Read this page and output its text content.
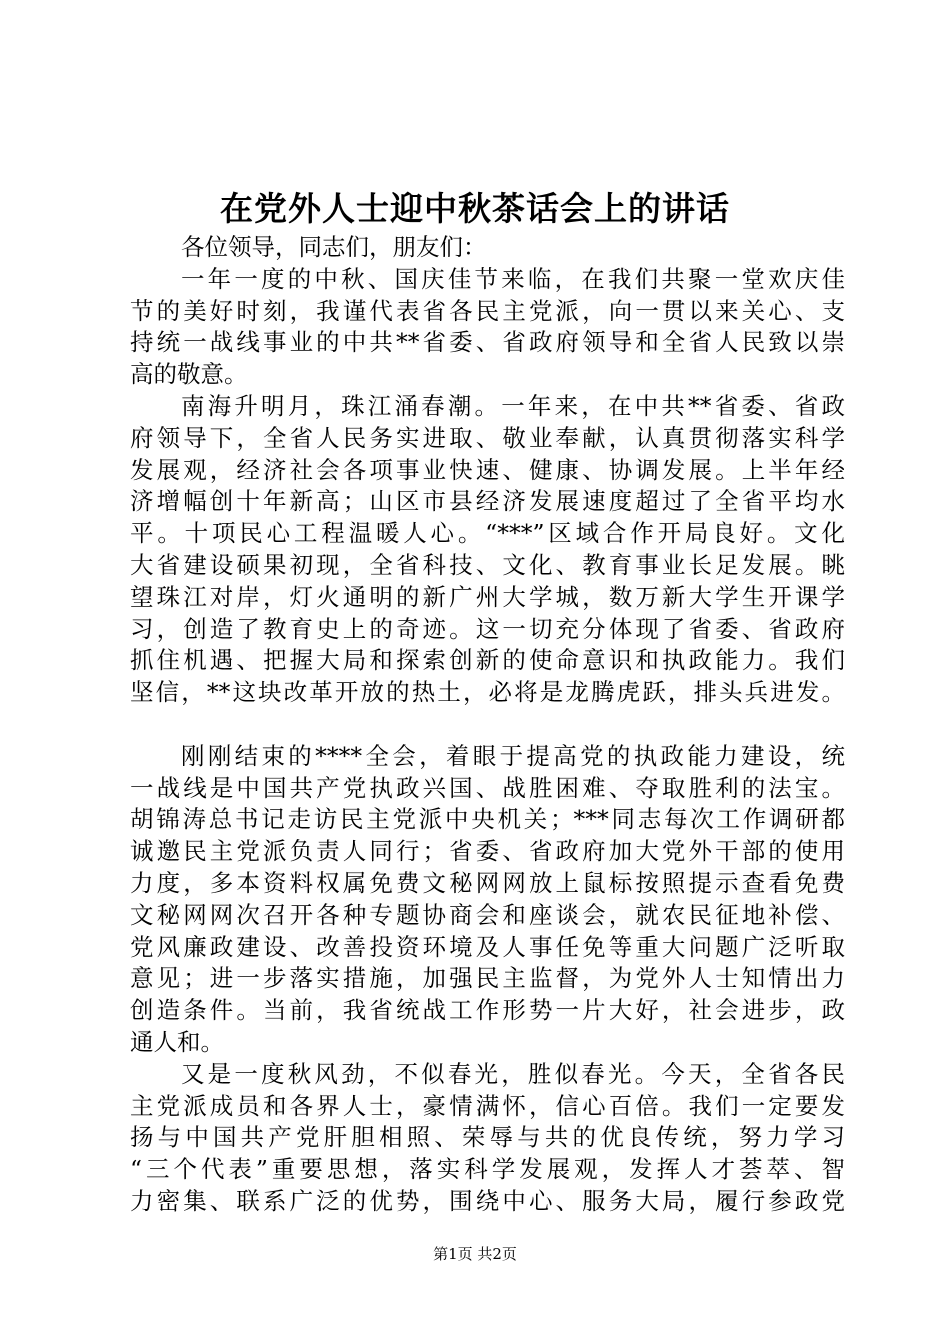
在党外人士迎中秋茶话会上的讲话
各位领导，同志们，朋友们：
一年一度的中秋、国庆佳节来临，在我们共聚一堂欢庆佳
节的美好时刻，我谨代表省各民主党派，向一贯以来关心、支
持统一战线事业的中共**省委、省政府领导和全省人民致以崇
高的敬意。
南海升明月，珠江涌春潮。一年来，在中共**省委、省政
府领导下，全省人民务实进取、敬业奉献，认真贯彻落实科学
发展观，经济社会各项事业快速、健康、协调发展。上半年经
济增幅创十年新高；山区市县经济发展速度超过了全省平均水
平。十项民心工程温暖人心。“***”区域合作开局良好。文化
大省建设硕果初现，全省科技、文化、教育事业长足发展。眺
望珠江对岸，灯火通明的新广州大学城，数万新大学生开课学
习，创造了教育史上的奇迹。这一切充分体现了省委、省政府
抓住机遇、把握大局和探索创新的使命意识和执政能力。我们
坚信，**这块改革开放的热土，必将是龙腾虎跃，排头兵进发。
刚刚结束的****全会，着眼于提高党的执政能力建设，统
一战线是中国共产党执政兴国、战胜困难、夺取胜利的法宝。
胡锦涛总书记走访民主党派中央机关；***同志每次工作调研都
诚邀民主党派负责人同行；省委、省政府加大党外干部的使用
力度，多本资料权属免费文秘网网放上鼠标按照提示查看免费
文秘网网次召开各种专题协商会和座谈会，就农民征地补偿、
党风廉政建设、改善投资环境及人事任免等重大问题广泛听取
意见；进一步落实措施，加强民主监督，为党外人士知情出力
创造条件。当前，我省统战工作形势一片大好，社会进步，政
通人和。
又是一度秋风劲，不似春光，胜似春光。今天，全省各民
主党派成员和各界人士，豪情满怀，信心百倍。我们一定要发
扬与中国共产党肝胆相照、荣辱与共的优良传统，努力学习
“三个代表”重要思想，落实科学发展观，发挥人才荟萃、智
力密集、联系广泛的优势，围绕中心、服务大局，履行参政党
第1页 共2页
